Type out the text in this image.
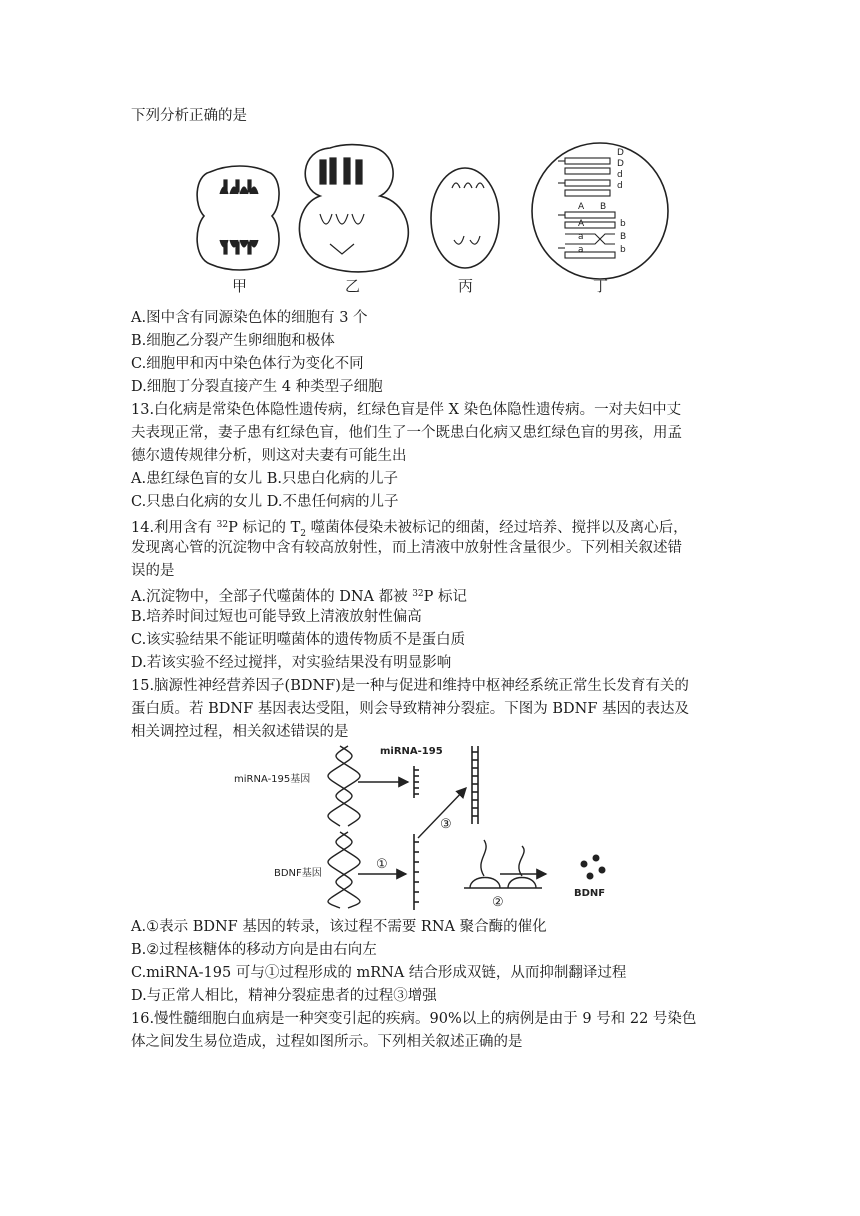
下列分析正确的是
D
D
d
d
A B
A	b
a	B
a	b
甲	乙	丙	丁
A.图中含有同源染色体的细胞有 3 个
B.细胞乙分裂产生卵细胞和极体
C.细胞甲和丙中染色体行为变化不同
D.细胞丁分裂直接产生 4 种类型子细胞
13.白化病是常染色体隐性遗传病，红绿色盲是伴 X 染色体隐性遗传病。一对夫妇中丈
夫表现正常，妻子患有红绿色盲，他们生了一个既患白化病又患红绿色盲的男孩，用孟
德尔遗传规律分析，则这对夫妻有可能生出
A.患红绿色盲的女儿 B.只患白化病的儿子
C.只患白化病的女儿 D.不患任何病的儿子
14.利用含有 $^{32}$P 标记的 $T_2$ 噬菌体侵染未被标记的细菌，经过培养、搅拌以及离心后，
发现离心管的沉淀物中含有较高放射性，而上清液中放射性含量很少。下列相关叙述错
误的是
A.沉淀物中，全部子代噬菌体的 DNA 都被 $^{32}$P 标记
B.培养时间过短也可能导致上清液放射性偏高
C.该实验结果不能证明噬菌体的遗传物质不是蛋白质
D.若该实验不经过搅拌，对实验结果没有明显影响
15.脑源性神经营养因子(BDNF)是一种与促进和维持中枢神经系统正常生长发育有关的
蛋白质。若 BDNF 基因表达受阻，则会导致精神分裂症。下图为 BDNF 基因的表达及
相关调控过程，相关叙述错误的是
miRNA-195基因
BDNF基因
miRNA-195
BDNF
①
②
③
A.①表示 BDNF 基因的转录，该过程不需要 RNA 聚合酶的催化
B.②过程核糖体的移动方向是由右向左
C.miRNA-195 可与①过程形成的 mRNA 结合形成双链，从而抑制翻译过程
D.与正常人相比，精神分裂症患者的过程③增强
16.慢性髓细胞白血病是一种突变引起的疾病。90%以上的病例是由于 9 号和 22 号染色
体之间发生易位造成，过程如图所示。下列相关叙述正确的是
